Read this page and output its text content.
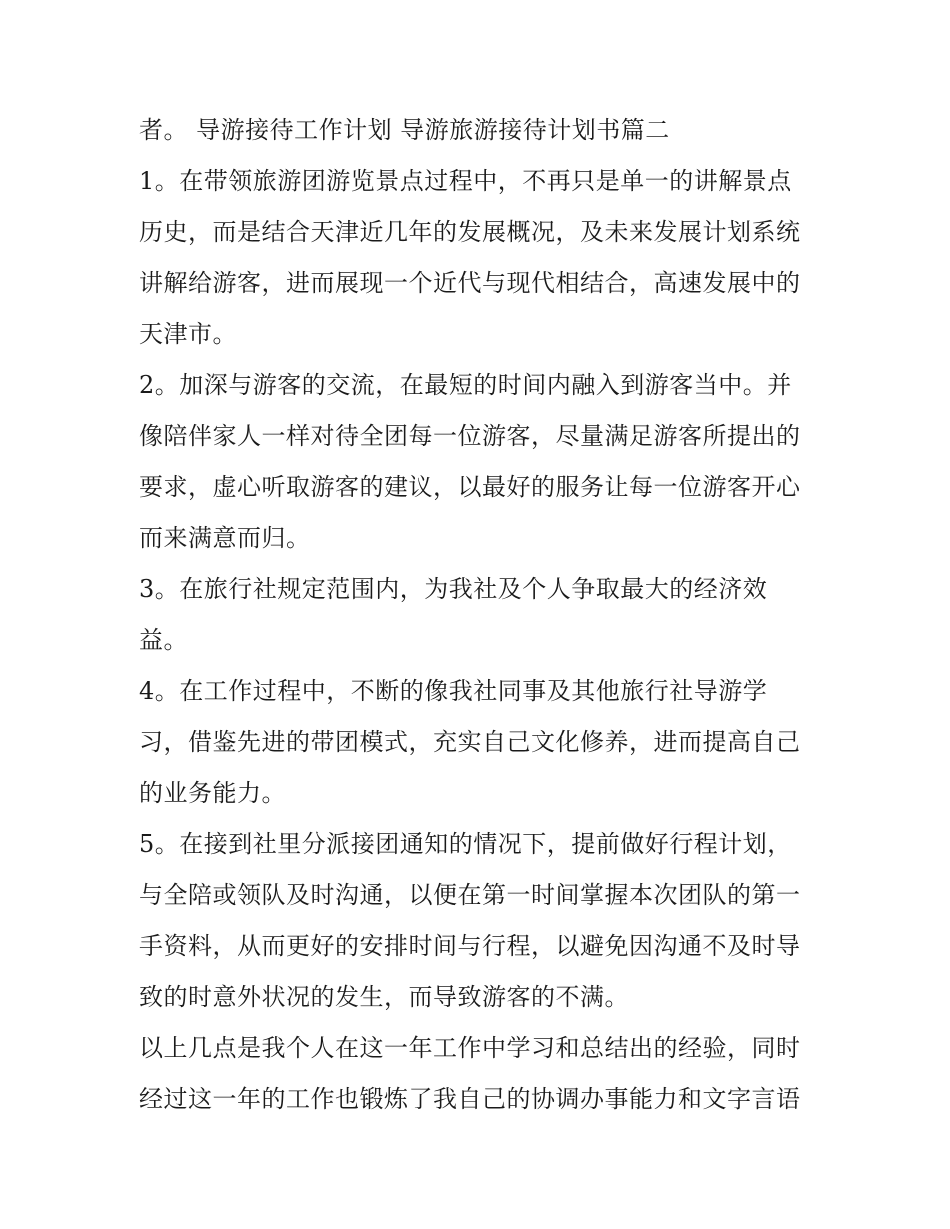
者。 导游接待工作计划 导游旅游接待计划书篇二
1。在带领旅游团游览景点过程中，不再只是单一的讲解景点
历史，而是结合天津近几年的发展概况，及未来发展计划系统
讲解给游客，进而展现一个近代与现代相结合，高速发展中的
天津市。
2。加深与游客的交流，在最短的时间内融入到游客当中。并
像陪伴家人一样对待全团每一位游客，尽量满足游客所提出的
要求，虚心听取游客的建议，以最好的服务让每一位游客开心
而来满意而归。
3。在旅行社规定范围内，为我社及个人争取最大的经济效
益。
4。在工作过程中，不断的像我社同事及其他旅行社导游学
习，借鉴先进的带团模式，充实自己文化修养，进而提高自己
的业务能力。
5。在接到社里分派接团通知的情况下，提前做好行程计划，
与全陪或领队及时沟通，以便在第一时间掌握本次团队的第一
手资料，从而更好的安排时间与行程，以避免因沟通不及时导
致的时意外状况的发生，而导致游客的不满。
以上几点是我个人在这一年工作中学习和总结出的经验，同时
经过这一年的工作也锻炼了我自己的协调办事能力和文字言语
